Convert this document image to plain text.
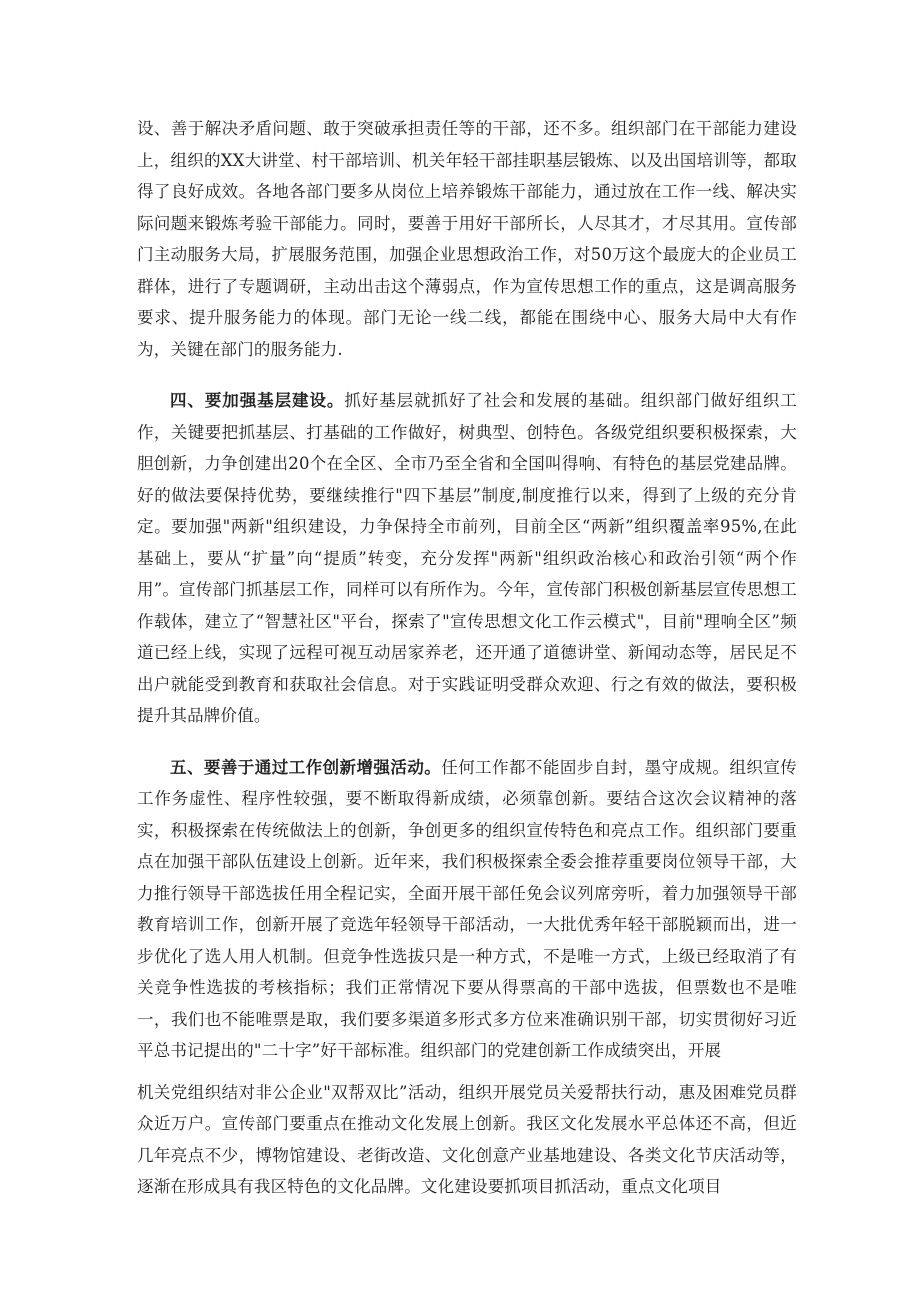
设、善于解决矛盾问题、敢于突破承担责任等的干部，还不多。组织部门在干部能力建设上，组织的XX大讲堂、村干部培训、机关年轻干部挂职基层锻炼、以及出国培训等，都取得了良好成效。各地各部门要多从岗位上培养锻炼干部能力，通过放在工作一线、解决实际问题来锻炼考验干部能力。同时，要善于用好干部所长，人尽其才，才尽其用。宣传部门主动服务大局，扩展服务范围，加强企业思想政治工作，对50万这个最庞大的企业员工群体，进行了专题调研，主动出击这个薄弱点，作为宣传思想工作的重点，这是调高服务要求、提升服务能力的体现。部门无论一线二线，都能在围绕中心、服务大局中大有作为，关键在部门的服务能力.

四、要加强基层建设。抓好基层就抓好了社会和发展的基础。组织部门做好组织工作，关键要把抓基层、打基础的工作做好，树典型、创特色。各级党组织要积极探索，大胆创新，力争创建出20个在全区、全市乃至全省和全国叫得响、有特色的基层党建品牌。好的做法要保持优势，要继续推行"四下基层”制度,制度推行以来，得到了上级的充分肯定。要加强"两新"组织建设，力争保持全市前列，目前全区“两新”组织覆盖率95%,在此基础上，要从“扩量”向“提质”转变，充分发挥"两新"组织政治核心和政治引领“两个作用”。宣传部门抓基层工作，同样可以有所作为。今年，宣传部门积极创新基层宣传思想工作载体，建立了“智慧社区"平台，探索了"宣传思想文化工作云模式"，目前"理响全区”频道已经上线，实现了远程可视互动居家养老，还开通了道德讲堂、新闻动态等，居民足不出户就能受到教育和获取社会信息。对于实践证明受群众欢迎、行之有效的做法，要积极提升其品牌价值。

五、要善于通过工作创新增强活动。任何工作都不能固步自封，墨守成规。组织宣传工作务虚性、程序性较强，要不断取得新成绩，必须靠创新。要结合这次会议精神的落实，积极探索在传统做法上的创新，争创更多的组织宣传特色和亮点工作。组织部门要重点在加强干部队伍建设上创新。近年来，我们积极探索全委会推荐重要岗位领导干部，大力推行领导干部选拔任用全程记实，全面开展干部任免会议列席旁听，着力加强领导干部教育培训工作，创新开展了竞选年轻领导干部活动，一大批优秀年轻干部脱颖而出，进一步优化了选人用人机制。但竞争性选拔只是一种方式，不是唯一方式，上级已经取消了有关竞争性选拔的考核指标；我们正常情况下要从得票高的干部中选拔，但票数也不是唯一，我们也不能唯票是取，我们要多渠道多形式多方位来准确识别干部，切实贯彻好习近平总书记提出的"二十字”好干部标准。组织部门的党建创新工作成绩突出，开展

机关党组织结对非公企业"双帮双比”活动，组织开展党员关爱帮扶行动，惠及困难党员群众近万户。宣传部门要重点在推动文化发展上创新。我区文化发展水平总体还不高，但近几年亮点不少，博物馆建设、老街改造、文化创意产业基地建设、各类文化节庆活动等，逐渐在形成具有我区特色的文化品牌。文化建设要抓项目抓活动，重点文化项目
